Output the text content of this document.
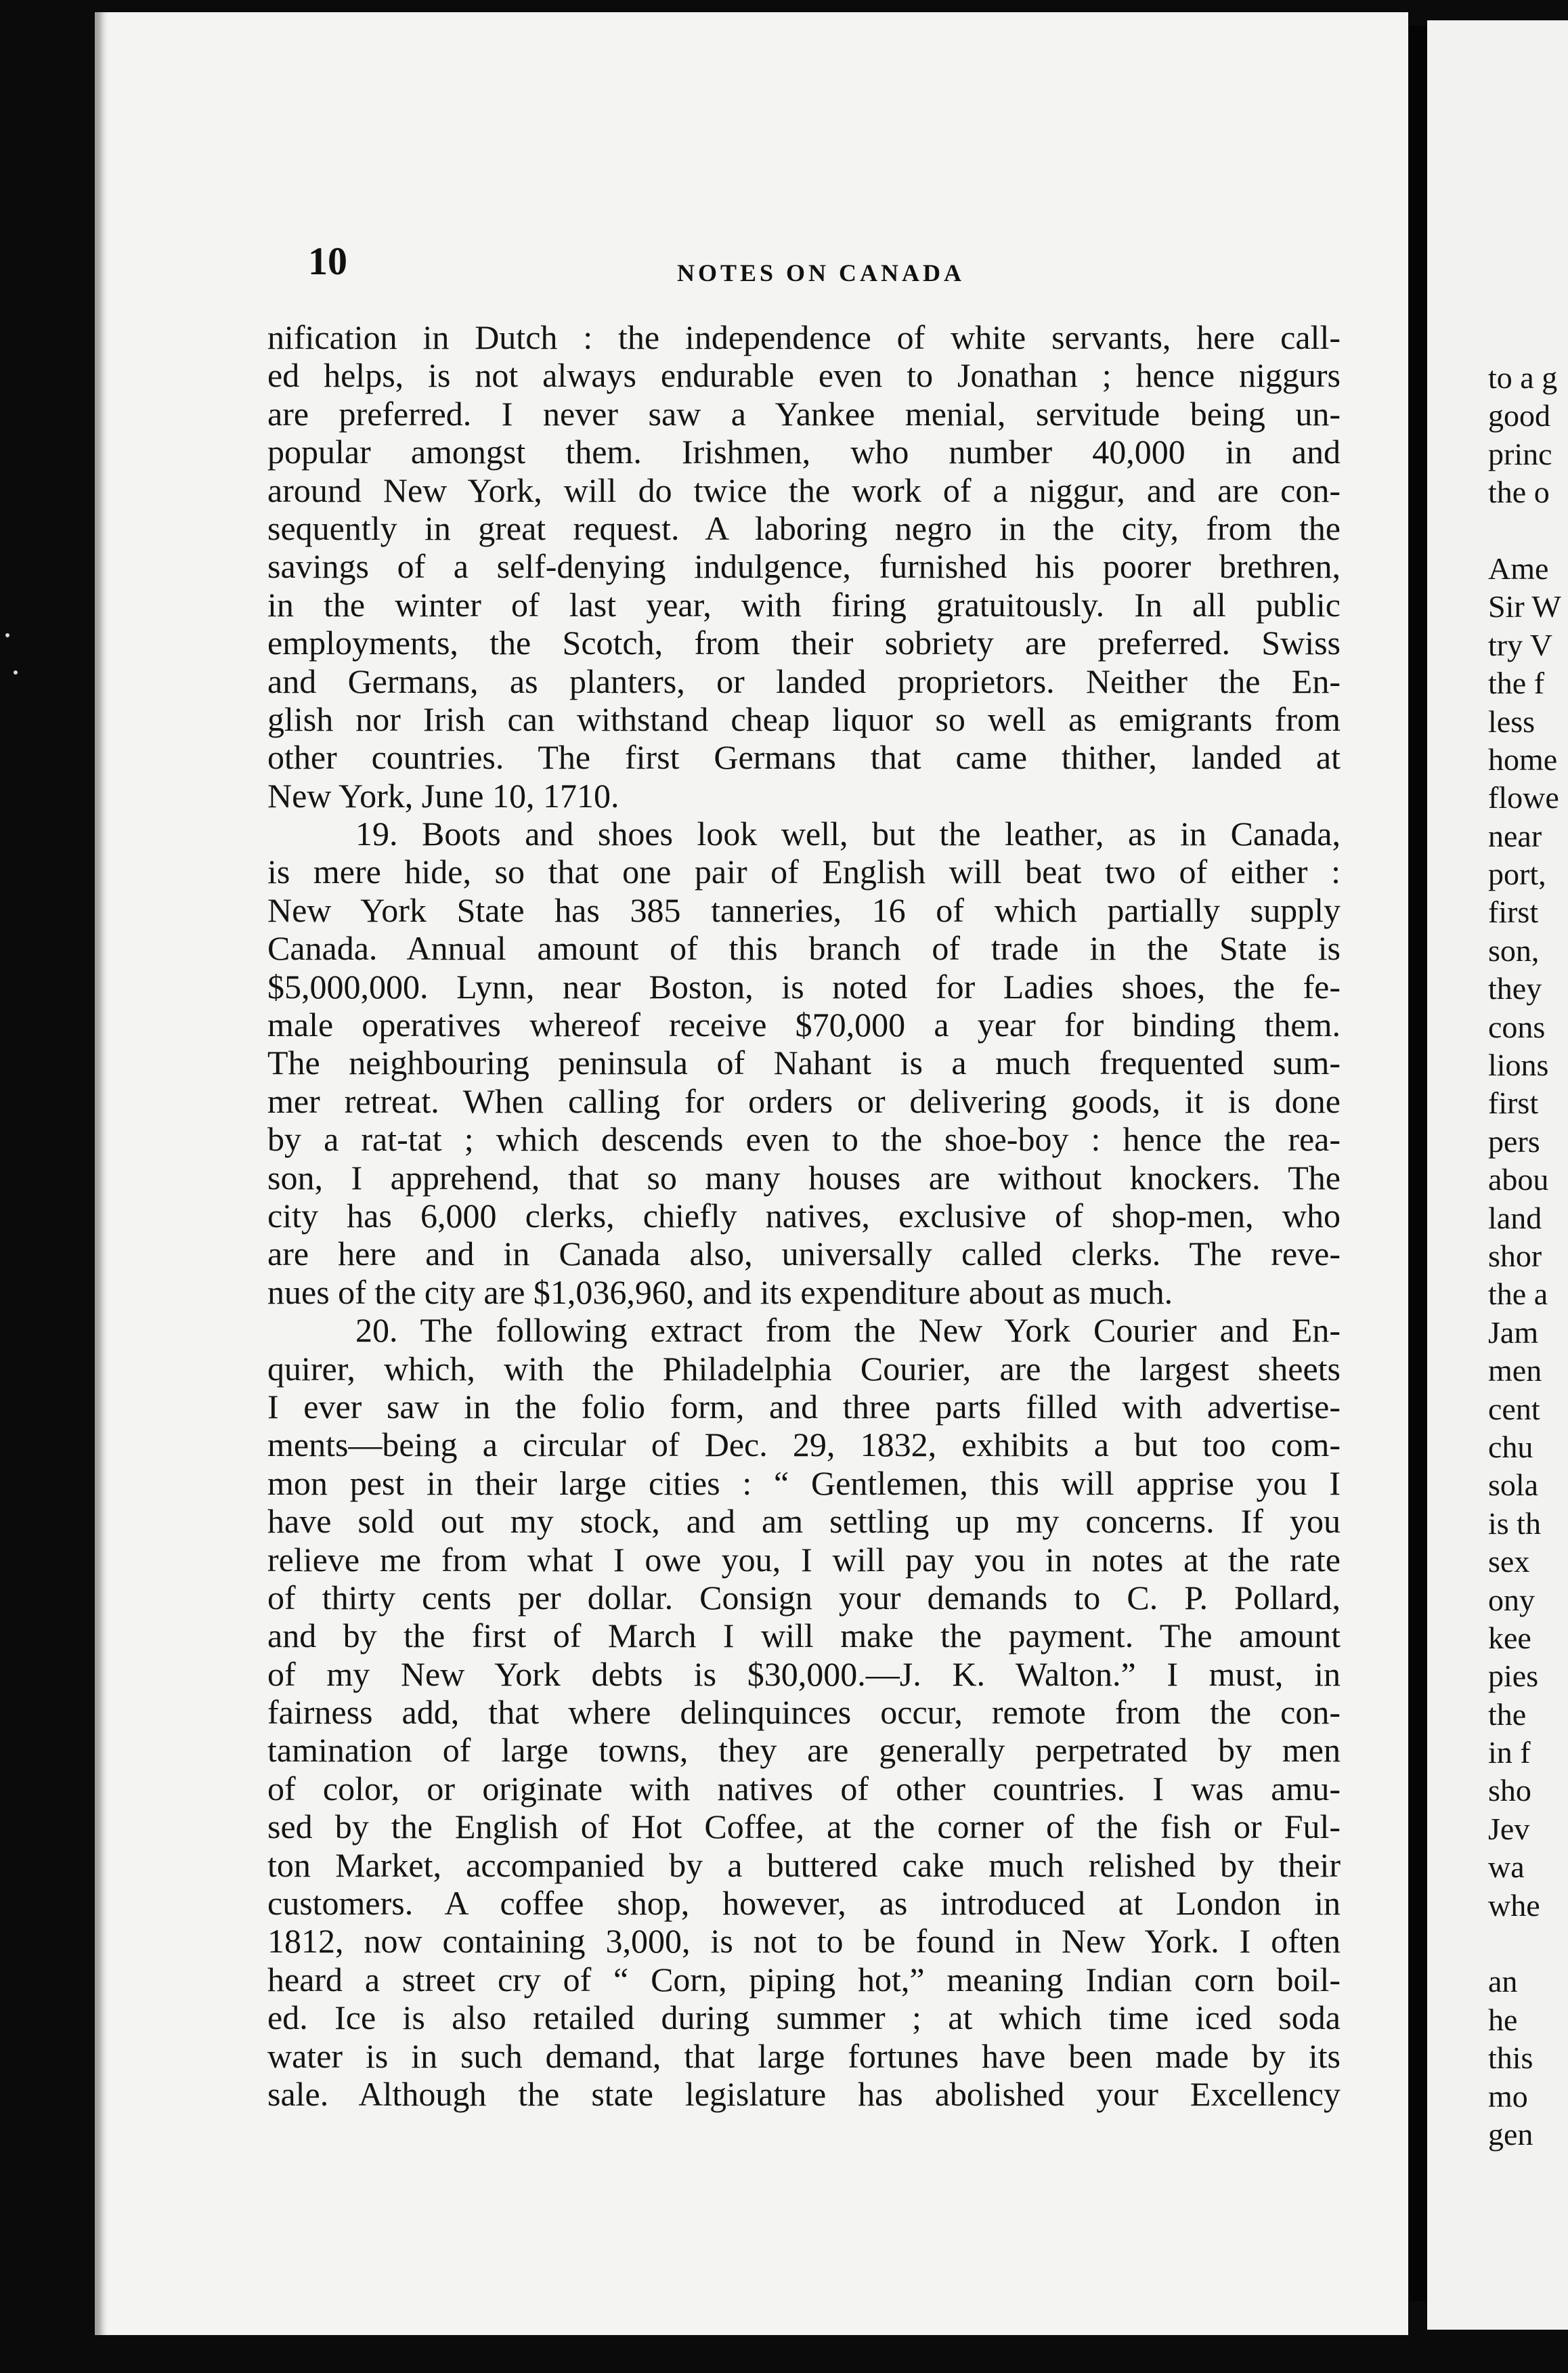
to a g
good
princ
the o
Ame
Sir W
try V
the f
less
home
flowe
near
port,
first
son,
they
cons
lions
first
pers
abou
land
shor
the a
Jam
men
cent
chu
sola
is th
sex
ony
kee
pies
the
in f
sho
Jev
wa
whe
an
he
this
mo
gen
10	NOTES ON CANADA
nification in Dutch : the independence of white servants, here call-
ed helps, is not always endurable even to Jonathan ; hence niggurs
are preferred. I never saw a Yankee menial, servitude being un-
popular amongst them. Irishmen, who number 40,000 in and
around New York, will do twice the work of a niggur, and are con-
sequently in great request. A laboring negro in the city, from the
savings of a self-denying indulgence, furnished his poorer brethren,
in the winter of last year, with firing gratuitously. In all public
employments, the Scotch, from their sobriety are preferred. Swiss
and Germans, as planters, or landed proprietors. Neither the En-
glish nor Irish can withstand cheap liquor so well as emigrants from
other countries. The first Germans that came thither, landed at
New York, June 10, 1710.
19. Boots and shoes look well, but the leather, as in Canada,
is mere hide, so that one pair of English will beat two of either :
New York State has 385 tanneries, 16 of which partially supply
Canada. Annual amount of this branch of trade in the State is
$5,000,000. Lynn, near Boston, is noted for Ladies shoes, the fe-
male operatives whereof receive $70,000 a year for binding them.
The neighbouring peninsula of Nahant is a much frequented sum-
mer retreat. When calling for orders or delivering goods, it is done
by a rat-tat ; which descends even to the shoe-boy : hence the rea-
son, I apprehend, that so many houses are without knockers. The
city has 6,000 clerks, chiefly natives, exclusive of shop-men, who
are here and in Canada also, universally called clerks. The reve-
nues of the city are $1,036,960, and its expenditure about as much.
20. The following extract from the New York Courier and En-
quirer, which, with the Philadelphia Courier, are the largest sheets
I ever saw in the folio form, and three parts filled with advertise-
ments—being a circular of Dec. 29, 1832, exhibits a but too com-
mon pest in their large cities : “ Gentlemen, this will apprise you I
have sold out my stock, and am settling up my concerns. If you
relieve me from what I owe you, I will pay you in notes at the rate
of thirty cents per dollar. Consign your demands to C. P. Pollard,
and by the first of March I will make the payment. The amount
of my New York debts is $30,000.—J. K. Walton.” I must, in
fairness add, that where delinquinces occur, remote from the con-
tamination of large towns, they are generally perpetrated by men
of color, or originate with natives of other countries. I was amu-
sed by the English of Hot Coffee, at the corner of the fish or Ful-
ton Market, accompanied by a buttered cake much relished by their
customers. A coffee shop, however, as introduced at London in
1812, now containing 3,000, is not to be found in New York. I often
heard a street cry of “ Corn, piping hot,” meaning Indian corn boil-
ed. Ice is also retailed during summer ; at which time iced soda
water is in such demand, that large fortunes have been made by its
sale. Although the state legislature has abolished your Excellency
